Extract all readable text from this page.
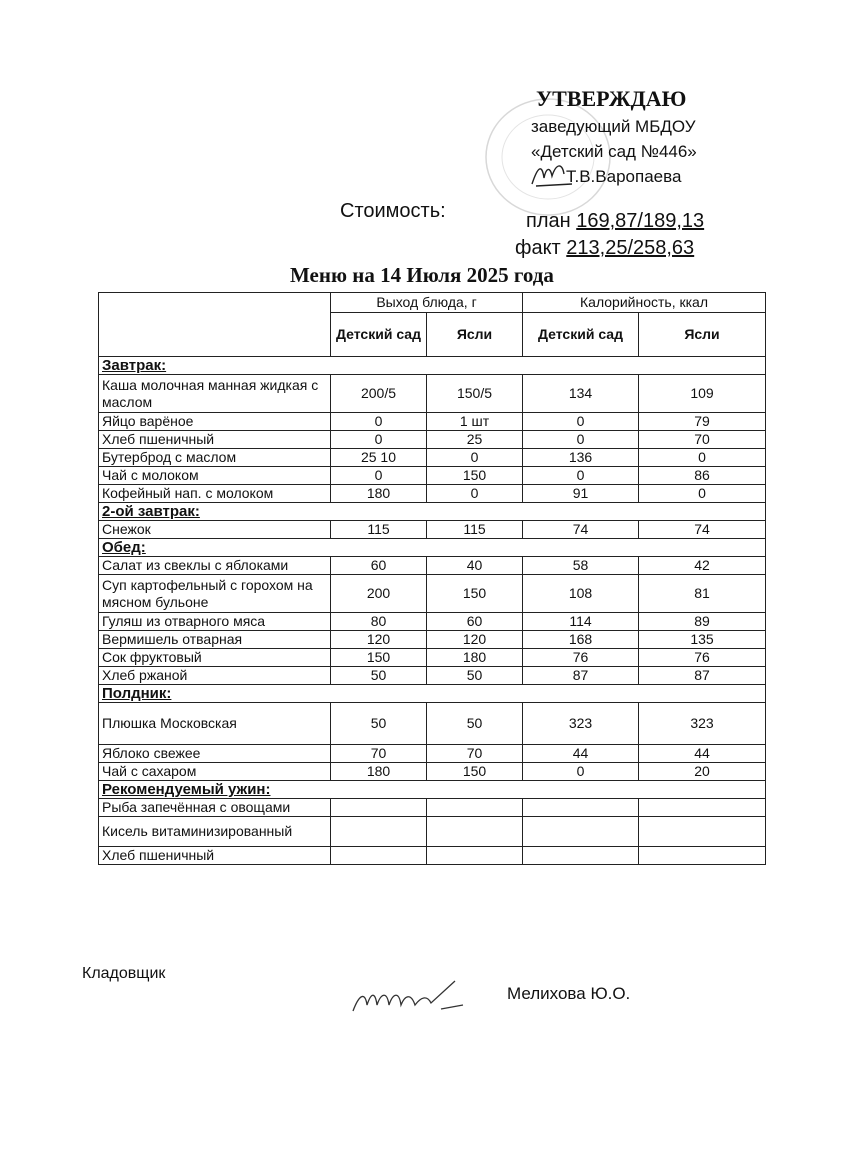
УТВЕРЖДАЮ
заведующий МБДОУ
«Детский сад №446»
Т.В.Варопаева
Стоимость:	план 169,87/189,13
факт 213,25/258,63
Меню на 14 Июля 2025 года
	Выход блюда, г		Калорийность, ккал	
	Детский сад	Ясли	Детский сад	Ясли
Завтрак:				
Каша молочная манная жидкая с маслом	200/5	150/5	134	109
Яйцо варёное	0	1 шт	0	79
Хлеб пшеничный	0	25	0	70
Бутерброд с маслом	25 10	0	136	0
Чай с молоком	0	150	0	86
Кофейный нап. с молоком	180	0	91	0
2-ой завтрак:				
Снежок	115	115	74	74
Обед:				
Салат из свеклы с яблоками	60	40	58	42
Суп картофельный с горохом на мясном бульоне	200	150	108	81
Гуляш из отварного мяса	80	60	114	89
Вермишель отварная	120	120	168	135
Сок фруктовый	150	180	76	76
Хлеб ржаной	50	50	87	87
Полдник:				
Плюшка Московская	50	50	323	323
Яблоко свежее	70	70	44	44
Чай с сахаром	180	150	0	20
Рекомендуемый ужин:				
Рыба запечённая с овощами				
Кисель витаминизированный				
Хлеб пшеничный				
Кладовщик
Мелихова Ю.О.
